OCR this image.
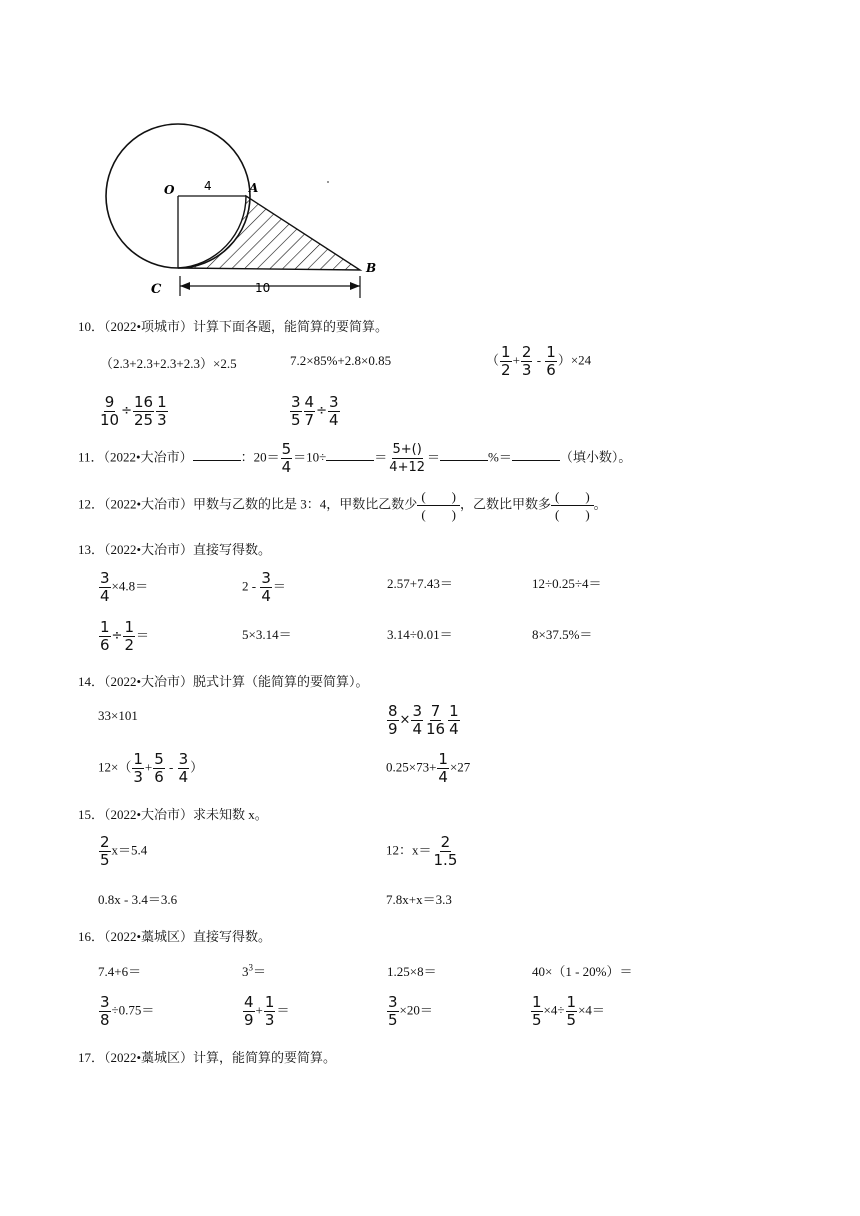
O 4	A
B
C	10
10．（2022•项城市）计算下面各题，能简算的要简算。
（2.3+2.3+2.3+2.3）×2.5	7.2×85%+2.8×0.85	（ $\frac{1}{2} + \frac{2}{3} - \frac{1}{6} )\times 24$
$\frac{9}{10} \div \frac{16}{25} \frac{1}{3}$	$\frac{3}{5} \frac{4}{7} \div \frac{3}{4}$
11．（2022•大冶市）	：$20= \frac{5}{4} =10\div$	＝ $\frac{5+()}{4+12}$ ＝	%＝	（填小数）。
12．（2022•大冶市）甲数与乙数的比是 3：4，甲数比乙数少 (　　)
(　　)
，乙数比甲数多 (　　)
(　　)
。
13．（2022•大冶市）直接写得数。
$\frac{3}{4} \times 4.8=$	$2 - \frac{3}{4}$ ＝	2.57+7.43＝	12÷0.25÷4＝
$\frac{1}{6} \div \frac{1}{2}$ ＝	5×3.14＝	3.14÷0.01＝	8×37.5%＝
14．（2022•大冶市）脱式计算（能简算的要简算）。
33×101	$\frac{8}{9} \times \frac{3}{4} \frac{7}{16} \frac{1}{4}$
$12\times( \frac{1}{3} + \frac{5}{6} - \frac{3}{4}$ ）	$0.25\times 73+ \frac{1}{4} \times 27$
15．（2022•大冶市）求未知数 x。
$\frac{2}{5} x=5.4$	12：$x= \frac{2}{1.5}$
0.8x - 3.4＝3.6	7.8x+x＝3.3
16．（2022•藁城区）直接写得数。
7.4+6＝	$3^3=$	1.25×8＝	40×（1 - 20%）＝
$\frac{3}{8} \div 0.75=$	$\frac{4}{9} + \frac{1}{3}$ ＝	$\frac{3}{5} \times 20=$	$\frac{1}{5} \times 4\div \frac{1}{5} \times 4=$
17．（2022•藁城区）计算，能简算的要简算。
